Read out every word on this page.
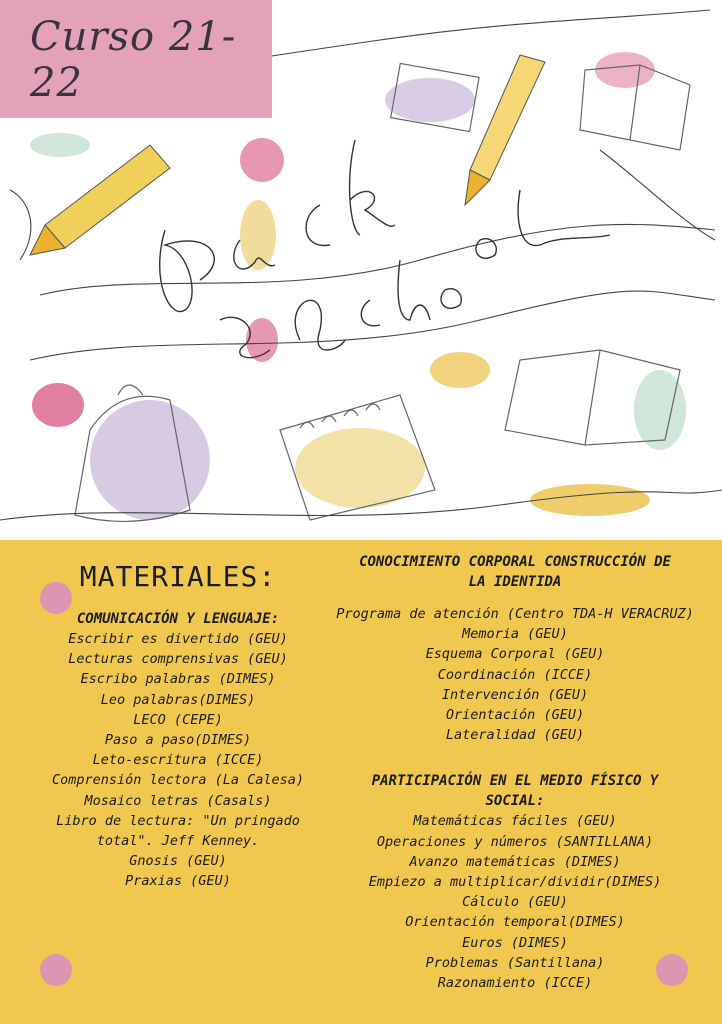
Curso 21-22
MATERIALES:
COMUNICACIÓN Y LENGUAJE:
Escribir es divertido (GEU)
Lecturas comprensivas (GEU)
Escribo palabras (DIMES)
Leo palabras(DIMES)
LECO (CEPE)
Paso a paso(DIMES)
Leto-escritura (ICCE)
Comprensión lectora (La Calesa)
Mosaico letras (Casals)
Libro de lectura: "Un pringado
total". Jeff Kenney.
Gnosis (GEU)
Praxias (GEU)
CONOCIMIENTO CORPORAL CONSTRUCCIÓN DE
LA IDENTIDA
Programa de atención (Centro TDA-H VERACRUZ)
Memoria (GEU)
Esquema Corporal (GEU)
Coordinación (ICCE)
Intervención (GEU)
Orientación (GEU)
Lateralidad (GEU)
PARTICIPACIÓN EN EL MEDIO FÍSICO Y
SOCIAL:
Matemáticas fáciles (GEU)
Operaciones y números (SANTILLANA)
Avanzo matemáticas (DIMES)
Empiezo a multiplicar/dividir(DIMES)
Cálculo (GEU)
Orientación temporal(DIMES)
Euros (DIMES)
Problemas (Santillana)
Razonamiento (ICCE)
